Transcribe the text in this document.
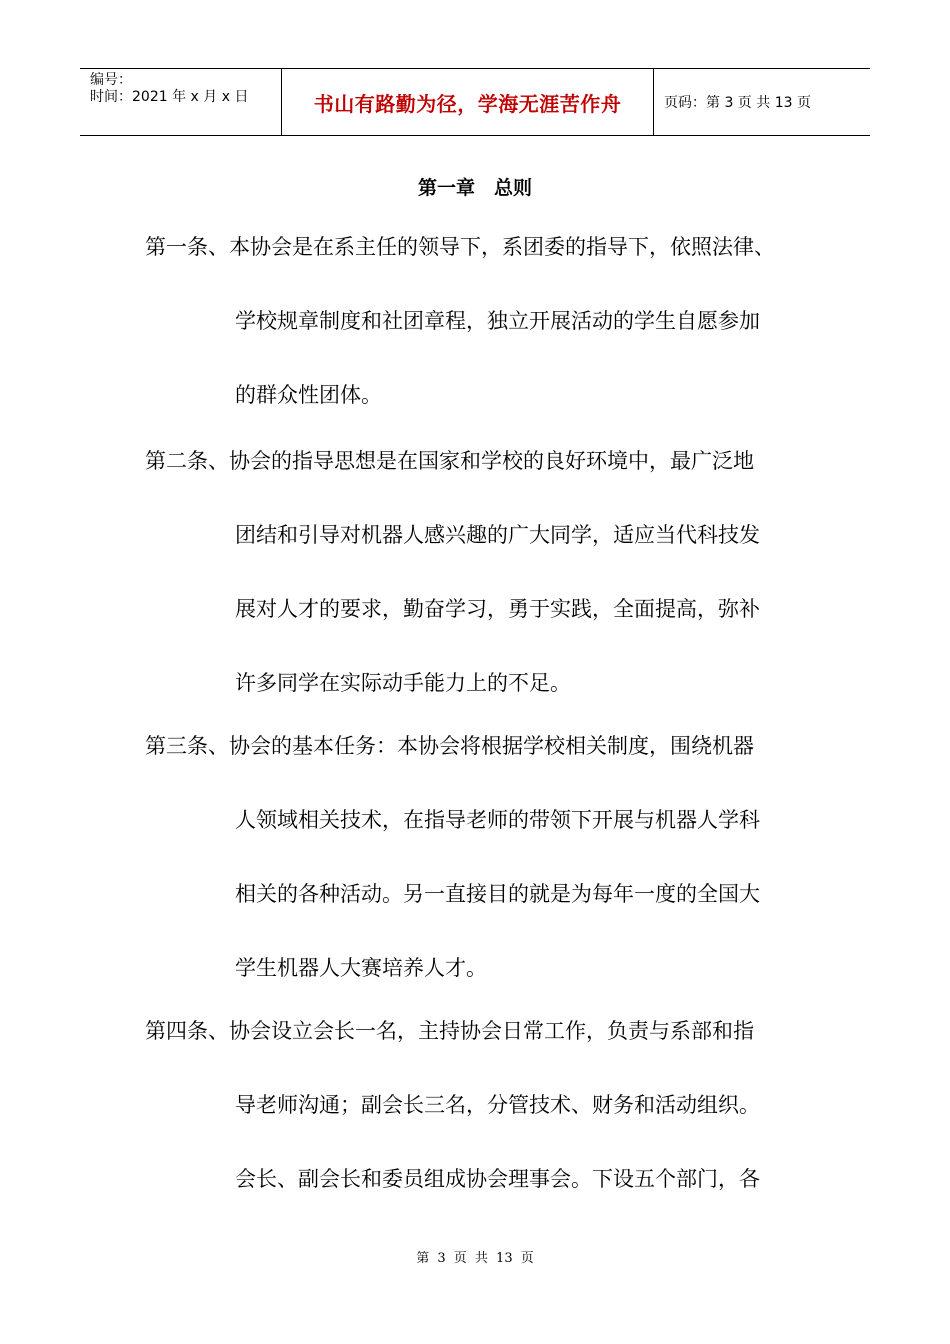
编号：
时间：2021 年 x 月 x 日	书山有路勤为径，学海无涯苦作舟	页码：第 3 页 共 13 页
第一章　总则
第一条、本协会是在系主任的领导下，系团委的指导下，依照法律、
学校规章制度和社团章程，独立开展活动的学生自愿参加
的群众性团体。
第二条、协会的指导思想是在国家和学校的良好环境中，最广泛地
团结和引导对机器人感兴趣的广大同学，适应当代科技发
展对人才的要求，勤奋学习，勇于实践，全面提高，弥补
许多同学在实际动手能力上的不足。
第三条、协会的基本任务：本协会将根据学校相关制度，围绕机器
人领域相关技术，在指导老师的带领下开展与机器人学科
相关的各种活动。另一直接目的就是为每年一度的全国大
学生机器人大赛培养人才。
第四条、协会设立会长一名，主持协会日常工作，负责与系部和指
导老师沟通；副会长三名，分管技术、财务和活动组织。
会长、副会长和委员组成协会理事会。下设五个部门，各
第 3 页 共 13 页
